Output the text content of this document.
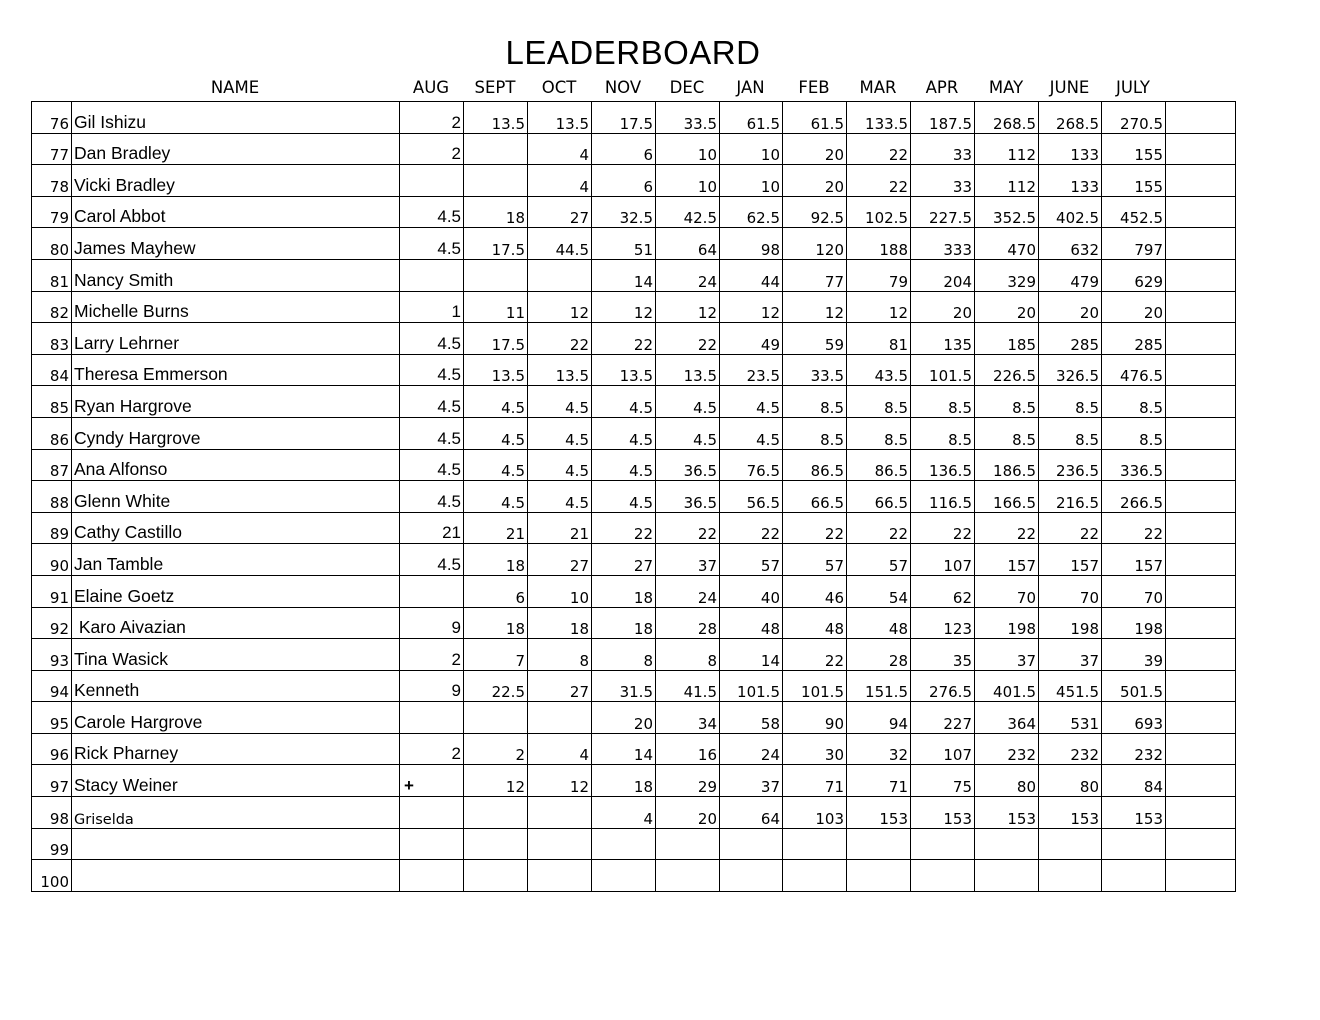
LEADERBOARD
NAME	AUG	SEPT	OCT	NOV	DEC	JAN	FEB	MAR	APR	MAY	JUNE	JULY
76	Gil Ishizu	2	13.5	13.5	17.5	33.5	61.5	61.5	133.5	187.5	268.5	268.5	270.5	
77	Dan Bradley	2		4	6	10	10	20	22	33	112	133	155	
78	Vicki Bradley			4	6	10	10	20	22	33	112	133	155	
79	Carol Abbot	4.5	18	27	32.5	42.5	62.5	92.5	102.5	227.5	352.5	402.5	452.5	
80	James Mayhew	4.5	17.5	44.5	51	64	98	120	188	333	470	632	797	
81	Nancy Smith				14	24	44	77	79	204	329	479	629	
82	Michelle Burns	1	11	12	12	12	12	12	12	20	20	20	20	
83	Larry Lehrner	4.5	17.5	22	22	22	49	59	81	135	185	285	285	
84	Theresa Emmerson	4.5	13.5	13.5	13.5	13.5	23.5	33.5	43.5	101.5	226.5	326.5	476.5	
85	Ryan Hargrove	4.5	4.5	4.5	4.5	4.5	4.5	8.5	8.5	8.5	8.5	8.5	8.5	
86	Cyndy Hargrove	4.5	4.5	4.5	4.5	4.5	4.5	8.5	8.5	8.5	8.5	8.5	8.5	
87	Ana Alfonso	4.5	4.5	4.5	4.5	36.5	76.5	86.5	86.5	136.5	186.5	236.5	336.5	
88	Glenn White	4.5	4.5	4.5	4.5	36.5	56.5	66.5	66.5	116.5	166.5	216.5	266.5	
89	Cathy Castillo	21	21	21	22	22	22	22	22	22	22	22	22	
90	Jan Tamble	4.5	18	27	27	37	57	57	57	107	157	157	157	
91	Elaine Goetz		6	10	18	24	40	46	54	62	70	70	70	
92	Karo Aivazian	9	18	18	18	28	48	48	48	123	198	198	198	
93	Tina Wasick	2	7	8	8	8	14	22	28	35	37	37	39	
94	Kenneth	9	22.5	27	31.5	41.5	101.5	101.5	151.5	276.5	401.5	451.5	501.5	
95	Carole Hargrove				20	34	58	90	94	227	364	531	693	
96	Rick Pharney	2	2	4	14	16	24	30	32	107	232	232	232	
97	Stacy Weiner	+	12	12	18	29	37	71	71	75	80	80	84	
98	Griselda				4	20	64	103	153	153	153	153	153	
99														
100														
